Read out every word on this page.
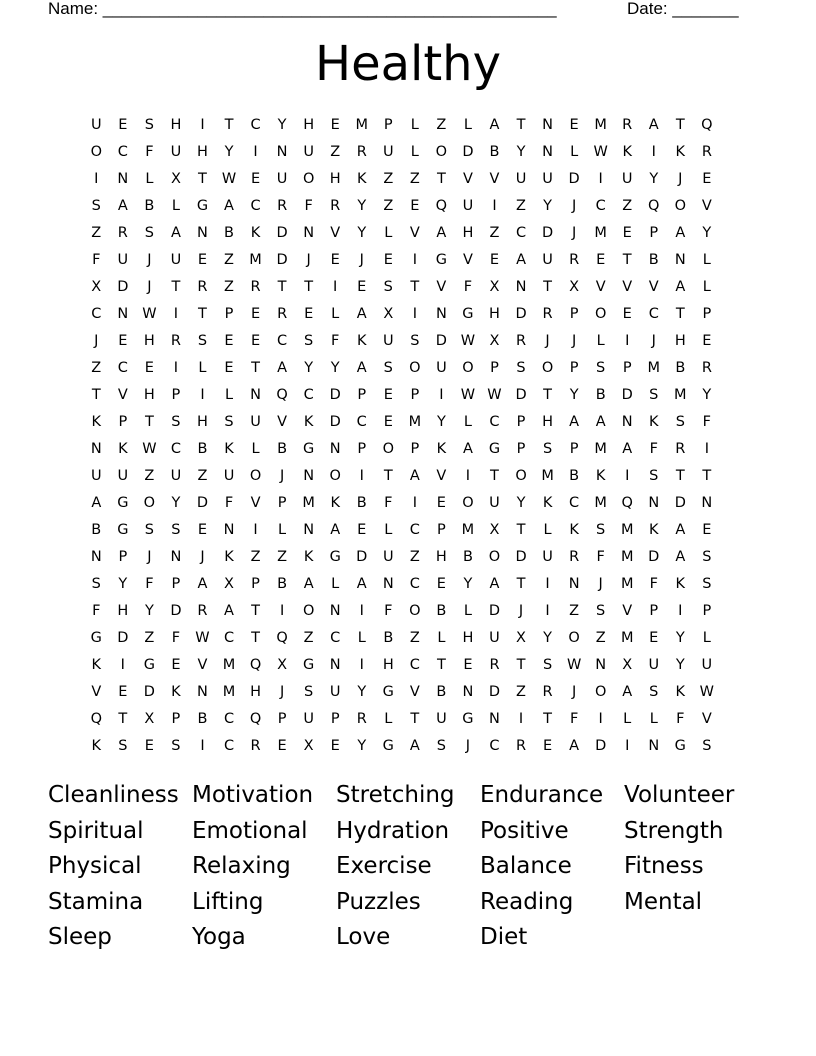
Name: ________________________________________________	Date: _______
Healthy
U	E	S	H	I	T	C	Y	H	E	M	P	L	Z	L	A	T	N	E	M	R	A	T	Q
O	C	F	U	H	Y	I	N	U	Z	R	U	L	O	D	B	Y	N	L	W	K	I	K	R
I	N	L	X	T	W	E	U	O	H	K	Z	Z	T	V	V	U	U	D	I	U	Y	J	E
S	A	B	L	G	A	C	R	F	R	Y	Z	E	Q	U	I	Z	Y	J	C	Z	Q	O	V
Z	R	S	A	N	B	K	D	N	V	Y	L	V	A	H	Z	C	D	J	M	E	P	A	Y
F	U	J	U	E	Z	M	D	J	E	J	E	I	G	V	E	A	U	R	E	T	B	N	L
X	D	J	T	R	Z	R	T	T	I	E	S	T	V	F	X	N	T	X	V	V	V	A	L
C	N W	I	T	P	E	R	E	L	A	X	I	N	G	H	D	R	P	O	E	C	T	P
J	E	H	R	S	E	E	C	S	F	K	U	S	D W X	R	J	J	L	I	J	H	E
Z	C	E	I	L	E	T	A	Y	Y	A	S	O	U	O	P	S	O	P	S	P	M	B	R
T	V	H	P	I	L	N	Q	C	D	P	E	P	I	W W D	T	Y	B	D	S	M	Y
K	P	T	S	H	S	U	V	K	D	C	E	M	Y	L	C	P	H	A	A	N	K	S	F
N	K	W C	B	K	L	B	G	N	P	O	P	K	A	G	P	S	P	M	A	F	R	I
U	U	Z	U	Z	U	O	J	N	O	I	T	A	V	I	T	O	M	B	K	I	S	T	T
A	G	O	Y	D	F	V	P	M	K	B	F	I	E	O	U	Y	K	C	M	Q	N	D	N
B	G	S	S	E	N	I	L	N	A	E	L	C	P	M	X	T	L	K	S	M	K	A	E
N	P	J	N	J	K	Z	Z	K	G	D	U	Z	H	B	O	D	U	R	F	M	D	A	S
S	Y	F	P	A	X	P	B	A	L	A	N	C	E	Y	A	T	I	N	J	M	F	K	S
F	H	Y	D	R	A	T	I	O	N	I	F	O	B	L	D	J	I	Z	S	V	P	I	P
G	D	Z	F	W C	T	Q	Z	C	L	B	Z	L	H	U	X	Y	O	Z	M	E	Y	L
K	I	G	E	V	M	Q	X	G	N	I	H	C	T	E	R	T	S	W N	X	U	Y	U
V	E	D	K	N	M	H	J	S	U	Y	G	V	B	N	D	Z	R	J	O	A	S	K	W
Q	T	X	P	B	C	Q	P	U	P	R	L	T	U	G	N	I	T	F	I	L	L	F	V
K	S	E	S	I	C	R	E	X	E	Y	G	A	S	J	C	R	E	A	D	I	N	G	S
Cleanliness Motivation Stretching	Endurance Volunteer
Spiritual	Emotional	Hydration	Positive	Strength
Physical	Relaxing	Exercise	Balance	Fitness
Stamina	Lifting	Puzzles	Reading	Mental
Sleep	Yoga	Love	Diet
